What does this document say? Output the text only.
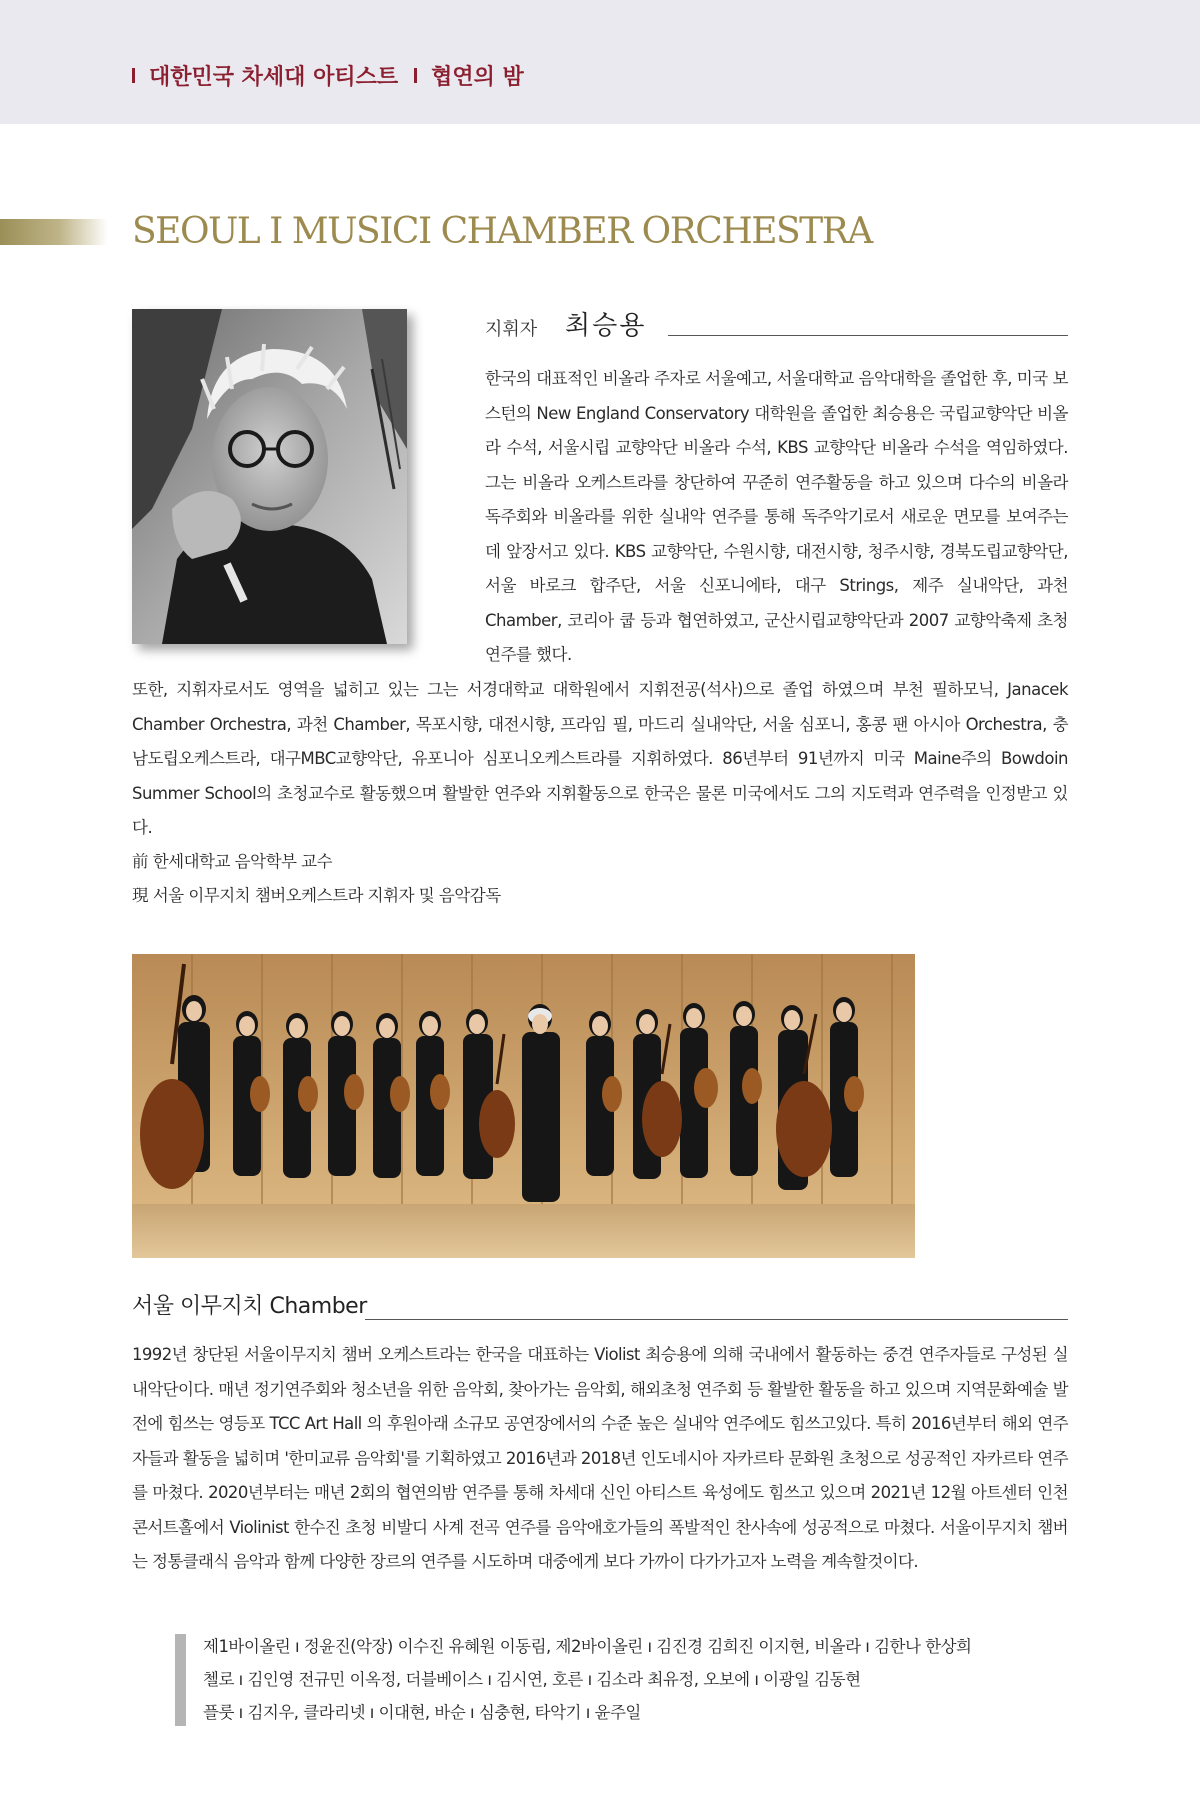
대한민국 차세대 아티스트 협연의 밤
SEOUL I MUSICI CHAMBER ORCHESTRA
지휘자 최승용

한국의 대표적인 비올라 주자로 서울예고, 서울대학교 음악대학을 졸업한 후, 미국 보스턴의 New England Conservatory 대학원을 졸업한 최승용은 국립교향악단 비올라 수석, 서울시립 교향악단 비올라 수석, KBS 교향악단 비올라 수석을 역임하였다. 그는 비올라 오케스트라를 창단하여 꾸준히 연주활동을 하고 있으며 다수의 비올라 독주회와 비올라를 위한 실내악 연주를 통해 독주악기로서 새로운 면모를 보여주는데 앞장서고 있다. KBS 교향악단, 수원시향, 대전시향, 청주시향, 경북도립교향악단, 서울 바로크 합주단, 서울 신포니에타, 대구 Strings, 제주 실내악단, 과천 Chamber, 코리아 쿱 등과 협연하였고, 군산시립교향악단과 2007 교향악축제 초청연주를 했다.

또한, 지휘자로서도 영역을 넓히고 있는 그는 서경대학교 대학원에서 지휘전공(석사)으로 졸업 하였으며 부천 필하모닉, Janacek Chamber Orchestra, 과천 Chamber, 목포시향, 대전시향, 프라임 필, 마드리 실내악단, 서울 심포니, 홍콩 팬 아시아 Orchestra, 충남도립오케스트라, 대구MBC교향악단, 유포니아 심포니오케스트라를 지휘하였다. 86년부터 91년까지 미국 Maine주의 Bowdoin Summer School의 초청교수로 활동했으며 활발한 연주와 지휘활동으로 한국은 물론 미국에서도 그의 지도력과 연주력을 인정받고 있다.

前 한세대학교 음악학부 교수
現 서울 이무지치 챔버오케스트라 지휘자 및 음악감독
서울 이무지치 Chamber

1992년 창단된 서울이무지치 챔버 오케스트라는 한국을 대표하는 Violist 최승용에 의해 국내에서 활동하는 중견 연주자들로 구성된 실내악단이다. 매년 정기연주회와 청소년을 위한 음악회, 찾아가는 음악회, 해외초청 연주회 등 활발한 활동을 하고 있으며 지역문화예술 발전에 힘쓰는 영등포 TCC Art Hall 의 후원아래 소규모 공연장에서의 수준 높은 실내악 연주에도 힘쓰고있다. 특히 2016년부터 해외 연주자들과 활동을 넓히며 '한미교류 음악회'를 기획하였고 2016년과 2018년 인도네시아 자카르타 문화원 초청으로 성공적인 자카르타 연주를 마쳤다. 2020년부터는 매년 2회의 협연의밤 연주를 통해 차세대 신인 아티스트 육성에도 힘쓰고 있으며 2021년 12월 아트센터 인천 콘서트홀에서 Violinist 한수진 초청 비발디 사계 전곡 연주를 음악애호가들의 폭발적인 찬사속에 성공적으로 마쳤다. 서울이무지치 챔버는 정통클래식 음악과 함께 다양한 장르의 연주를 시도하며 대중에게 보다 가까이 다가가고자 노력을 계속할것이다.

제1바이올린 ı 정윤진(악장) 이수진 유혜원 이동림, 제2바이올린 ı 김진경 김희진 이지현, 비올라 ı 김한나 한상희
첼로 ı 김인영 전규민 이옥정, 더블베이스 ı 김시연, 호른 ı 김소라 최유정, 오보에 ı 이광일 김동현
플룻 ı 김지우, 클라리넷 ı 이대현, 바순 ı 심충현, 타악기 ı 윤주일
